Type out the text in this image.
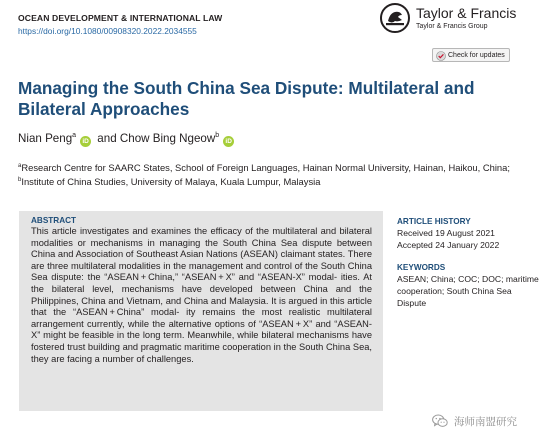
OCEAN DEVELOPMENT & INTERNATIONAL LAW
https://doi.org/10.1080/00908320.2022.2034555
Taylor & Francis
Taylor & Francis Group
Check for updates
Managing the South China Sea Dispute: Multilateral and Bilateral Approaches
Nian Peng$^a$iD and Chow Bing Ngeow$^b$iD
$^a$Research Centre for SAARC States, School of Foreign Languages, Hainan Normal University, Hainan, Haikou, China; $^b$Institute of China Studies, University of Malaya, Kuala Lumpur, Malaysia
ABSTRACT
This article investigates and examines the efficacy of the multilateral and bilateral modalities or mechanisms in managing the South China Sea dispute between China and Association of Southeast Asian Nations (ASEAN) claimant states. There are three multilateral modalities in the management and control of the South China Sea dispute: the “ASEAN + China,” “ASEAN + X” and “ASEAN-X” modal- ities. At the bilateral level, mechanisms have developed between China and the Philippines, China and Vietnam, and China and Malaysia. It is argued in this article that the “ASEAN + China” modal- ity remains the most realistic multilateral arrangement currently, while the alternative options of “ASEAN + X” and “ASEAN-X” might be feasible in the long term. Meanwhile, while bilateral mechanisms have fostered trust building and pragmatic maritime cooperation in the South China Sea, they are facing a number of challenges.
ARTICLE HISTORY
Received 19 August 2021
Accepted 24 January 2022
KEYWORDS
ASEAN; China; COC; DOC; maritime cooperation; South China Sea Dispute
海师南盟研究
